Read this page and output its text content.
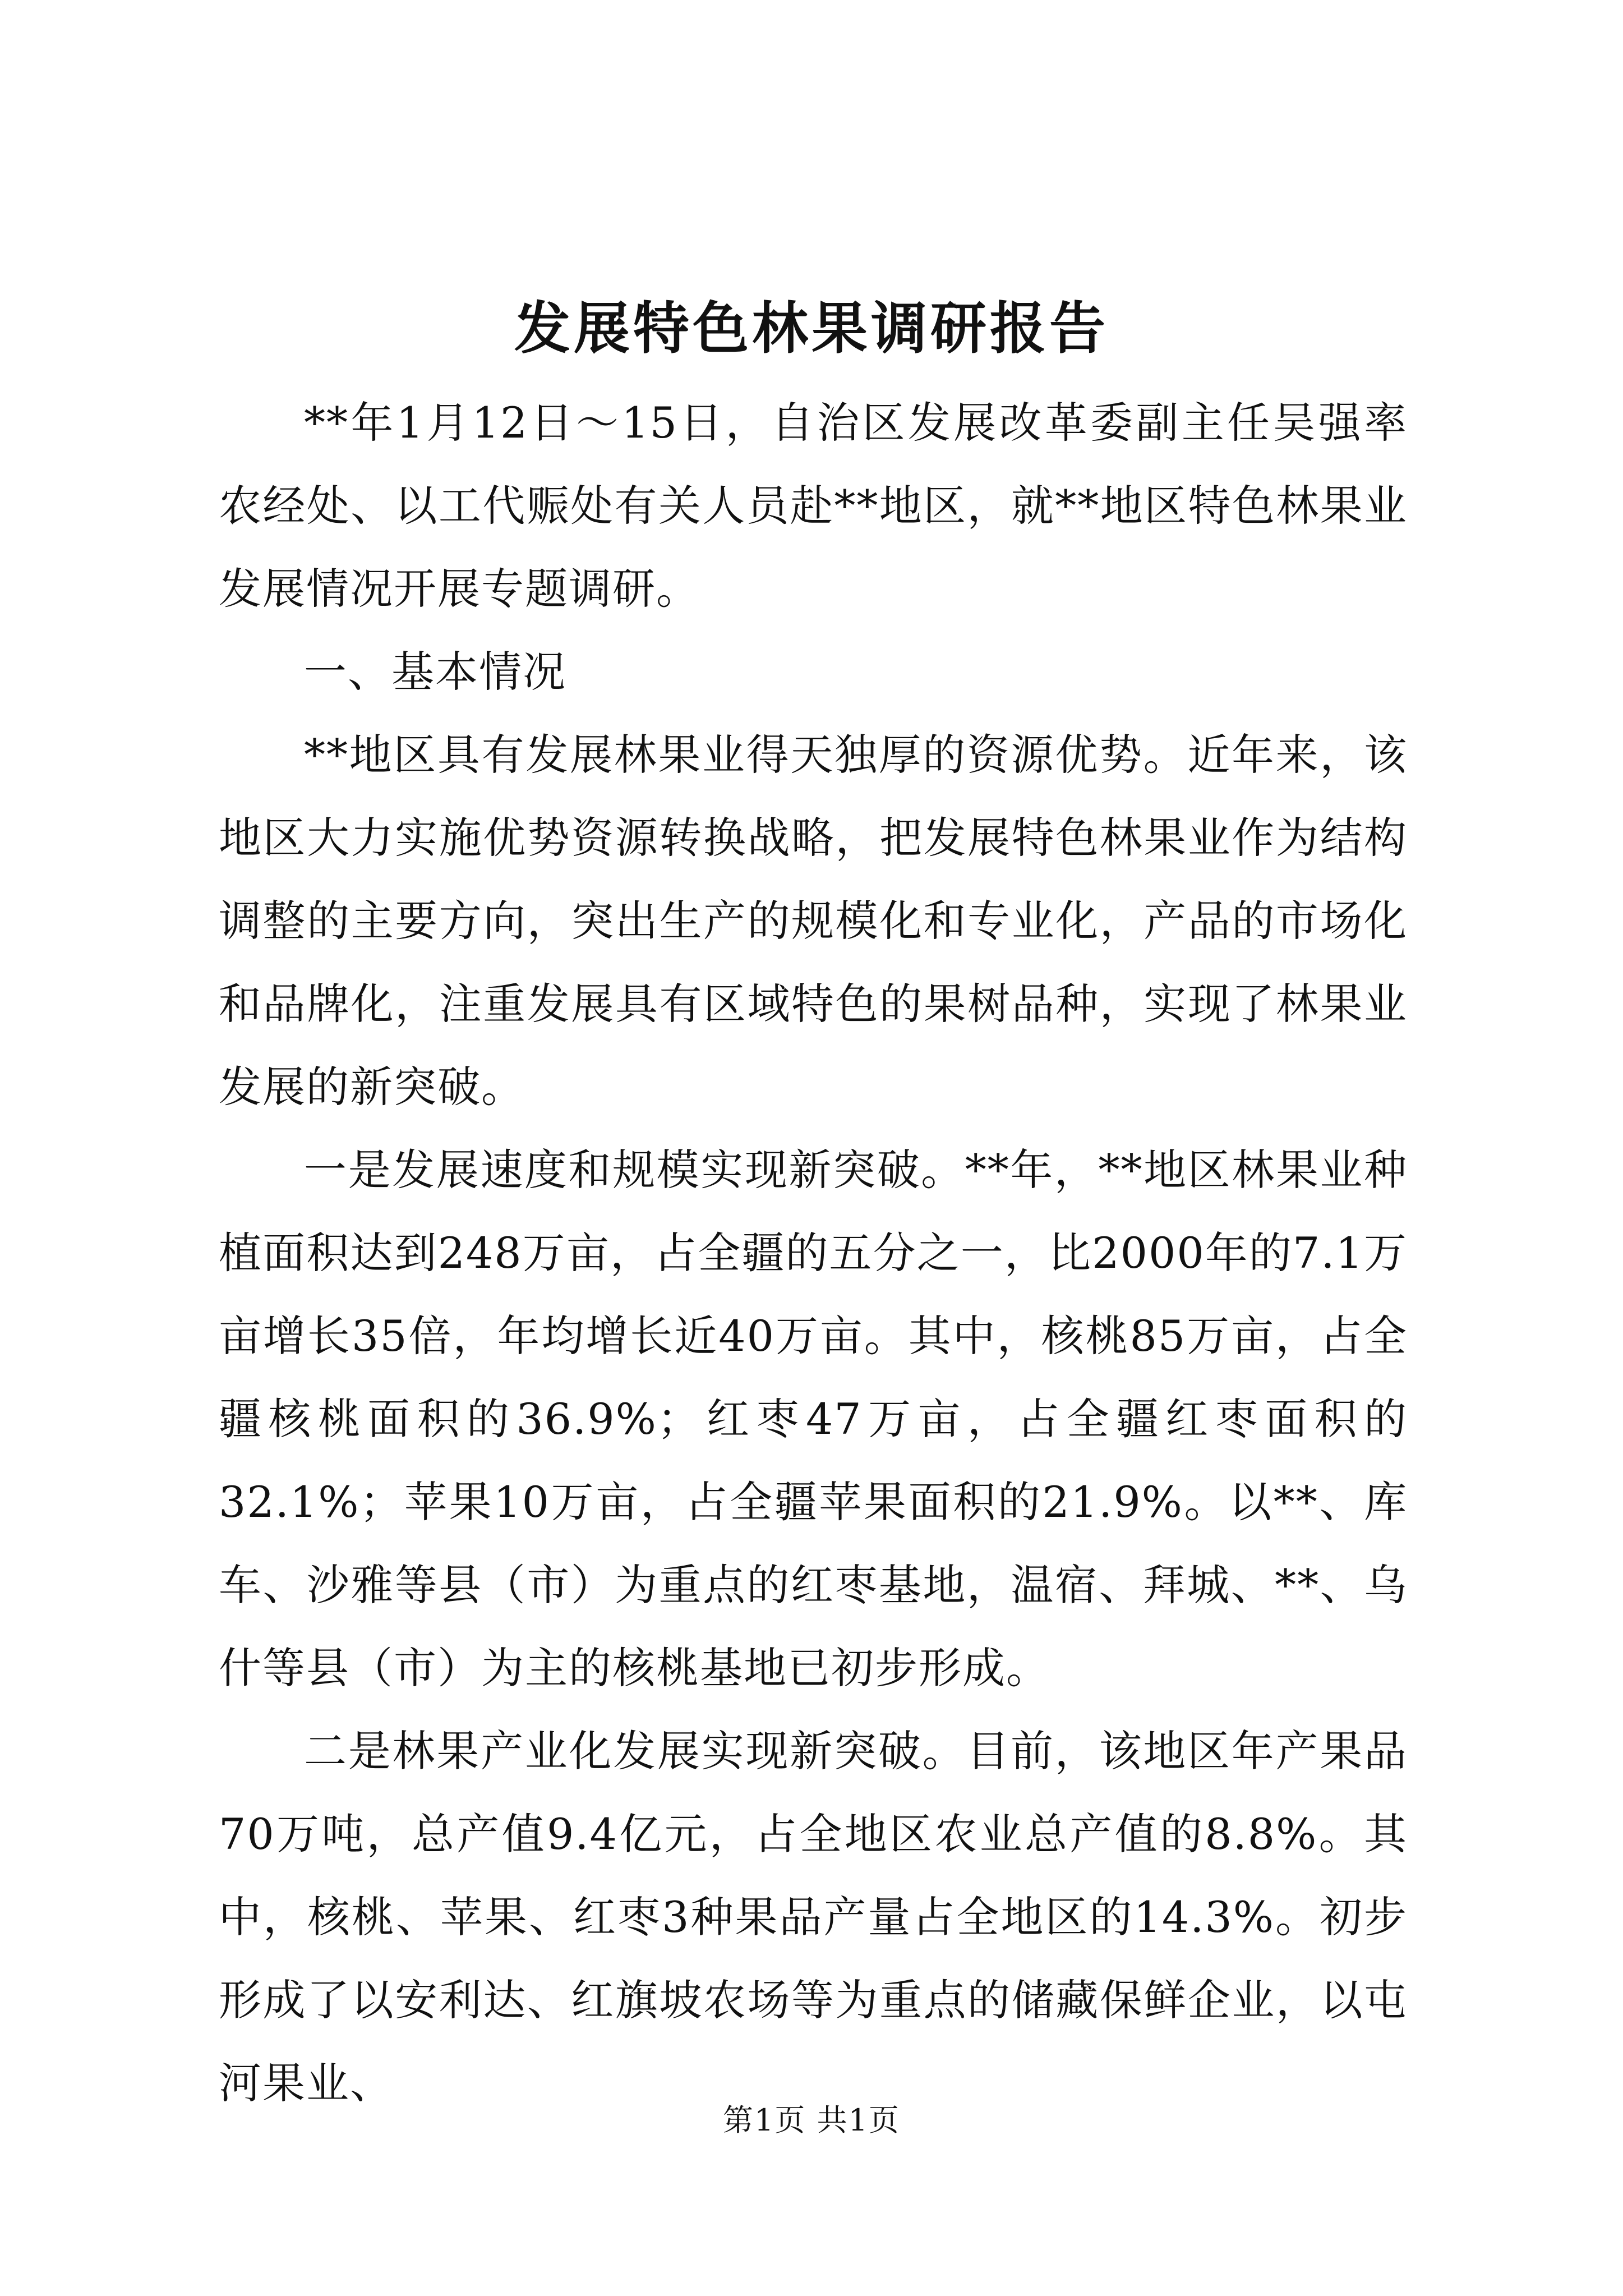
发展特色林果调研报告

**年1月12日～15日，自治区发展改革委副主任吴强率农经处、以工代赈处有关人员赴**地区，就**地区特色林果业发展情况开展专题调研。

一、基本情况

**地区具有发展林果业得天独厚的资源优势。近年来，该地区大力实施优势资源转换战略，把发展特色林果业作为结构调整的主要方向，突出生产的规模化和专业化，产品的市场化和品牌化，注重发展具有区域特色的果树品种，实现了林果业发展的新突破。

一是发展速度和规模实现新突破。**年，**地区林果业种植面积达到248万亩，占全疆的五分之一，比2000年的7.1万亩增长35倍，年均增长近40万亩。其中，核桃85万亩，占全疆核桃面积的36.9%；红枣47万亩，占全疆红枣面积的32.1%；苹果10万亩，占全疆苹果面积的21.9%。以**、库车、沙雅等县（市）为重点的红枣基地，温宿、拜城、**、乌什等县（市）为主的核桃基地已初步形成。

二是林果产业化发展实现新突破。目前，该地区年产果品70万吨，总产值9.4亿元，占全地区农业总产值的8.8%。其中，核桃、苹果、红枣3种果品产量占全地区的14.3%。初步形成了以安利达、红旗坡农场等为重点的储藏保鲜企业，以屯河果业、

第1页 共1页
